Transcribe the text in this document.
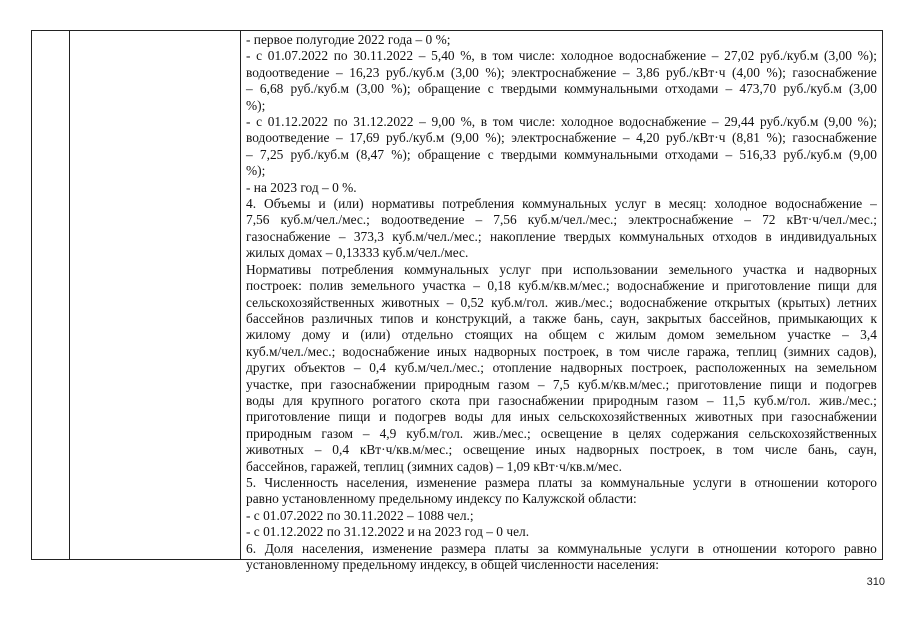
- первое полугодие 2022 года – 0 %;
- с 01.07.2022 по 30.11.2022 – 5,40 %, в том числе: холодное водоснабжение – 27,02 руб./куб.м (3,00 %);
водоотведение – 16,23 руб./куб.м (3,00 %); электроснабжение – 3,86 руб./кВт·ч (4,00 %); газоснабжение
– 6,68 руб./куб.м (3,00 %); обращение с твердыми коммунальными отходами – 473,70 руб./куб.м (3,00
%);
- с 01.12.2022 по 31.12.2022 – 9,00 %, в том числе: холодное водоснабжение – 29,44 руб./куб.м (9,00 %);
водоотведение – 17,69 руб./куб.м (9,00 %); электроснабжение – 4,20 руб./кВт·ч (8,81 %); газоснабжение
– 7,25 руб./куб.м (8,47 %); обращение с твердыми коммунальными отходами – 516,33 руб./куб.м (9,00
%);
- на 2023 год – 0 %.
4. Объемы и (или) нормативы потребления коммунальных услуг в месяц: холодное водоснабжение –
7,56 куб.м/чел./мес.; водоотведение – 7,56 куб.м/чел./мес.; электроснабжение – 72 кВт·ч/чел./мес.;
газоснабжение – 373,3 куб.м/чел./мес.; накопление твердых коммунальных отходов в индивидуальных
жилых домах – 0,13333 куб.м/чел./мес.
Нормативы потребления коммунальных услуг при использовании земельного участка и надворных
построек: полив земельного участка – 0,18 куб.м/кв.м/мес.; водоснабжение и приготовление пищи для
сельскохозяйственных животных – 0,52 куб.м/гол. жив./мес.; водоснабжение открытых (крытых) летних
бассейнов различных типов и конструкций, а также бань, саун, закрытых бассейнов, примыкающих к
жилому дому и (или) отдельно стоящих на общем с жилым домом земельном участке – 3,4
куб.м/чел./мес.; водоснабжение иных надворных построек, в том числе гаража, теплиц (зимних садов),
других объектов – 0,4 куб.м/чел./мес.; отопление надворных построек, расположенных на земельном
участке, при газоснабжении природным газом – 7,5 куб.м/кв.м/мес.; приготовление пищи и подогрев
воды для крупного рогатого скота при газоснабжении природным газом – 11,5 куб.м/гол. жив./мес.;
приготовление пищи и подогрев воды для иных сельскохозяйственных животных при газоснабжении
природным газом – 4,9 куб.м/гол. жив./мес.; освещение в целях содержания сельскохозяйственных
животных – 0,4 кВт·ч/кв.м/мес.; освещение иных надворных построек, в том числе бань, саун,
бассейнов, гаражей, теплиц (зимних садов) – 1,09 кВт·ч/кв.м/мес.
5. Численность населения, изменение размера платы за коммунальные услуги в отношении которого
равно установленному предельному индексу по Калужской области:
- с 01.07.2022 по 30.11.2022 – 1088 чел.;
- с 01.12.2022 по 31.12.2022 и на 2023 год – 0 чел.
6. Доля населения, изменение размера платы за коммунальные услуги в отношении которого равно
установленному предельному индексу, в общей численности населения:
310
